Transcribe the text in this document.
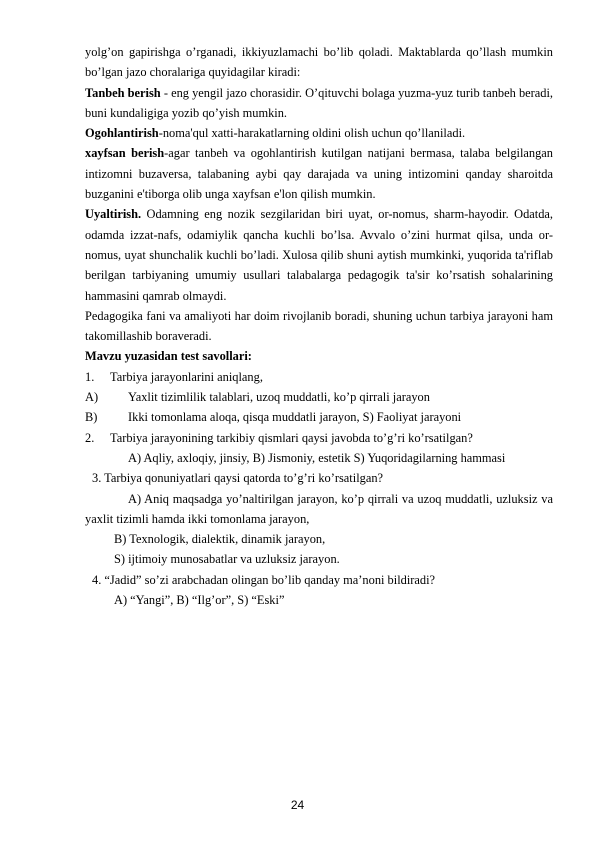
yolg’on gapirishga o’rganadi, ikkiyuzlamachi bo’lib qoladi. Maktablarda qo’llash mumkin bo’lgan jazo choralariga quyidagilar kiradi:

Tanbeh berish - eng yengil jazo chorasidir. O’qituvchi bolaga yuzma-yuz turib tanbeh beradi, buni kundaligiga yozib qo’yish mumkin.

Ogohlantirish-noma'qul xatti-harakatlarning oldini olish uchun qo’llaniladi.

xayfsan berish-agar tanbeh va ogohlantirish kutilgan natijani bermasa, talaba belgilangan intizomni buzaversa, talabaning aybi qay darajada va uning intizomini qanday sharoitda buzganini e'tiborga olib unga xayfsan e'lon qilish mumkin.

Uyaltirish. Odamning eng nozik sezgilaridan biri uyat, or-nomus, sharm-hayodir. Odatda, odamda izzat-nafs, odamiylik qancha kuchli bo’lsa. Avvalo o’zini hurmat qilsa, unda or-nomus, uyat shunchalik kuchli bo’ladi. Xulosa qilib shuni aytish mumkinki, yuqorida ta'riflab berilgan tarbiyaning umumiy usullari talabalarga pedagogik ta'sir ko’rsatish sohalarining hammasini qamrab olmaydi.

Pedagogika fani va amaliyoti har doim rivojlanib boradi, shuning uchun tarbiya jarayoni ham takomillashib boraveradi.

Mavzu yuzasidan test savollari:

1. Tarbiya jarayonlarini aniqlang,

A) Yaxlit tizimlilik talablari, uzoq muddatli, ko’p qirrali jarayon

B) Ikki tomonlama aloqa, qisqa muddatli jarayon, S) Faoliyat jarayoni

2. Tarbiya jarayonining tarkibiy qismlari qaysi javobda to’g’ri ko’rsatilgan?

A) Aqliy, axloqiy, jinsiy, B) Jismoniy, estetik S) Yuqoridagilarning hammasi

3. Tarbiya qonuniyatlari qaysi qatorda to’g’ri ko’rsatilgan?

A) Aniq maqsadga yo’naltirilgan jarayon, ko’p qirrali va uzoq muddatli, uzluksiz va yaxlit tizimli hamda ikki tomonlama jarayon,

B) Texnologik, dialektik, dinamik jarayon,

S) ijtimoiy munosabatlar va uzluksiz jarayon.

4. “Jadid” so’zi arabchadan olingan bo’lib qanday ma’noni bildiradi?

A) “Yangi”, B) “Ilg’or”, S) “Eski”

24
